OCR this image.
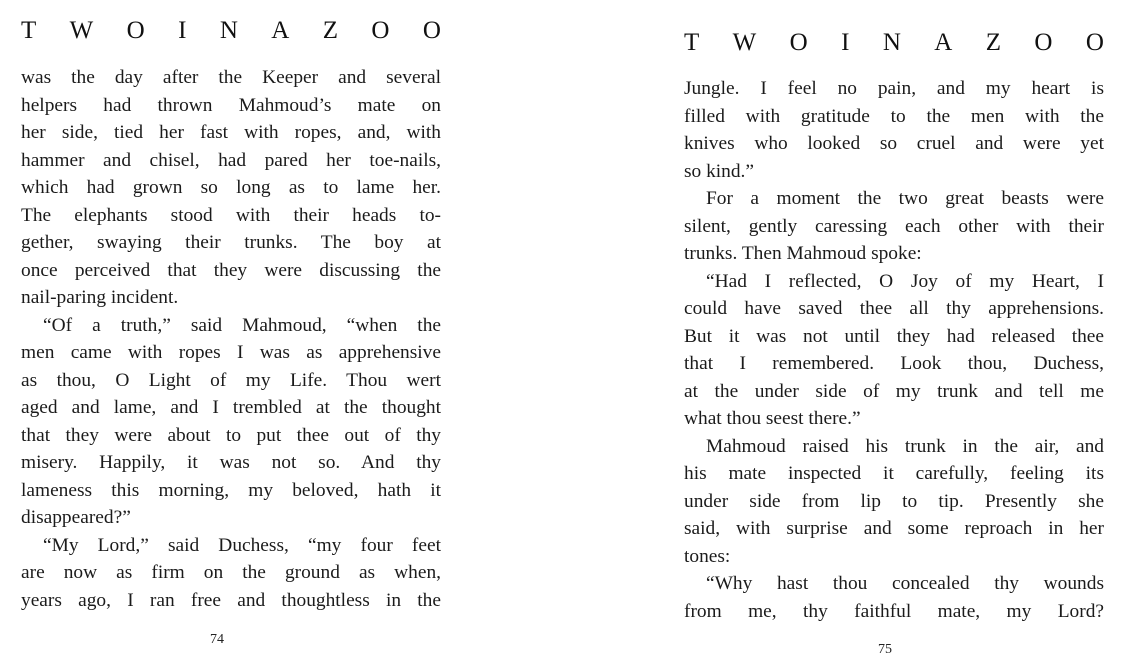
T W O I N A Z O O
was the day after the Keeper and several
helpers had thrown Mahmoud’s mate on
her side, tied her fast with ropes, and, with
hammer and chisel, had pared her toe-nails,
which had grown so long as to lame her.
The elephants stood with their heads to-
gether, swaying their trunks. The boy at
once perceived that they were discussing the
nail-paring incident.
“Of a truth,” said Mahmoud, “when the
men came with ropes I was as apprehensive
as thou, O Light of my Life. Thou wert
aged and lame, and I trembled at the thought
that they were about to put thee out of thy
misery. Happily, it was not so. And thy
lameness this morning, my beloved, hath it
disappeared?”
“My Lord,” said Duchess, “my four feet
are now as firm on the ground as when,
years ago, I ran free and thoughtless in the
74
T W O I N A Z O O
Jungle. I feel no pain, and my heart is
filled with gratitude to the men with the
knives who looked so cruel and were yet
so kind.”
For a moment the two great beasts were
silent, gently caressing each other with their
trunks. Then Mahmoud spoke:
“Had I reflected, O Joy of my Heart, I
could have saved thee all thy apprehensions.
But it was not until they had released thee
that I remembered. Look thou, Duchess,
at the under side of my trunk and tell me
what thou seest there.”
Mahmoud raised his trunk in the air, and
his mate inspected it carefully, feeling its
under side from lip to tip. Presently she
said, with surprise and some reproach in her
tones:
“Why hast thou concealed thy wounds
from me, thy faithful mate, my Lord?
75
